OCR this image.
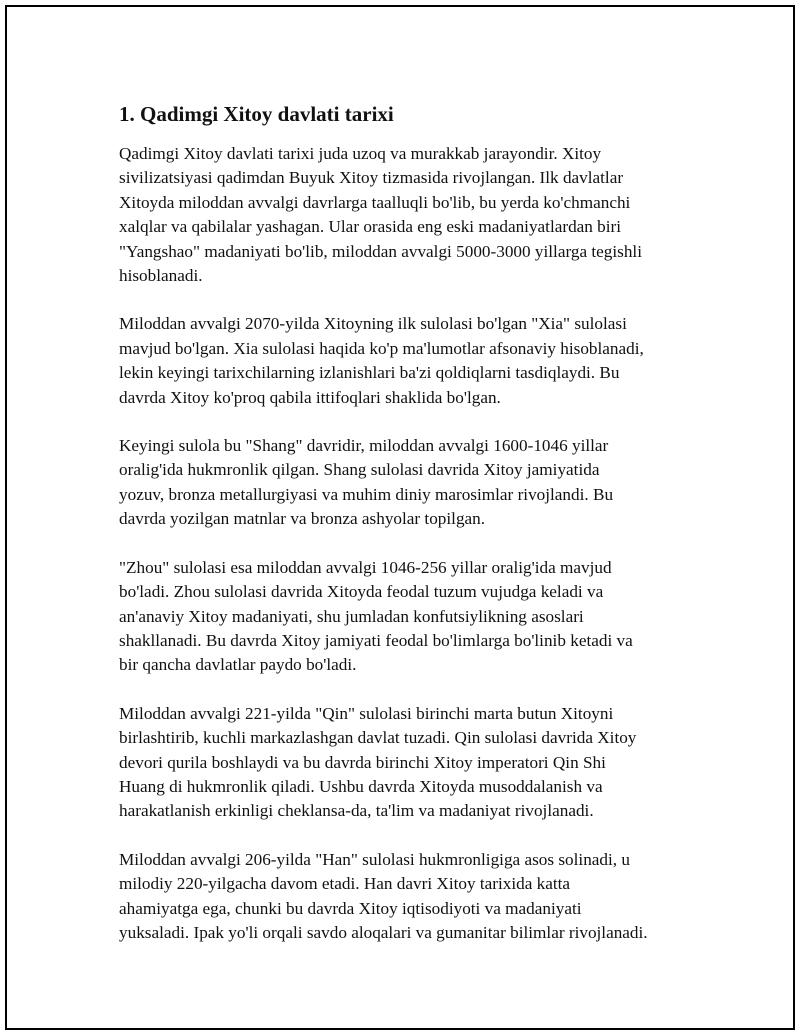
1. Qadimgi Xitoy davlati tarixi

Qadimgi Xitoy davlati tarixi juda uzoq va murakkab jarayondir. Xitoy
sivilizatsiyasi qadimdan Buyuk Xitoy tizmasida rivojlangan. Ilk davlatlar
Xitoyda miloddan avvalgi davrlarga taalluqli bo'lib, bu yerda ko'chmanchi
xalqlar va qabilalar yashagan. Ular orasida eng eski madaniyatlardan biri
"Yangshao" madaniyati bo'lib, miloddan avvalgi 5000-3000 yillarga tegishli
hisoblanadi.

Miloddan avvalgi 2070-yilda Xitoyning ilk sulolasi bo'lgan "Xia" sulolasi
mavjud bo'lgan. Xia sulolasi haqida ko'p ma'lumotlar afsonaviy hisoblanadi,
lekin keyingi tarixchilarning izlanishlari ba'zi qoldiqlarni tasdiqlaydi. Bu
davrda Xitoy ko'proq qabila ittifoqlari shaklida bo'lgan.

Keyingi sulola bu "Shang" davridir, miloddan avvalgi 1600-1046 yillar
oralig'ida hukmronlik qilgan. Shang sulolasi davrida Xitoy jamiyatida
yozuv, bronza metallurgiyasi va muhim diniy marosimlar rivojlandi. Bu
davrda yozilgan matnlar va bronza ashyolar topilgan.

"Zhou" sulolasi esa miloddan avvalgi 1046-256 yillar oralig'ida mavjud
bo'ladi. Zhou sulolasi davrida Xitoyda feodal tuzum vujudga keladi va
an'anaviy Xitoy madaniyati, shu jumladan konfutsiylikning asoslari
shakllanadi. Bu davrda Xitoy jamiyati feodal bo'limlarga bo'linib ketadi va
bir qancha davlatlar paydo bo'ladi.

Miloddan avvalgi 221-yilda "Qin" sulolasi birinchi marta butun Xitoyni
birlashtirib, kuchli markazlashgan davlat tuzadi. Qin sulolasi davrida Xitoy
devori qurila boshlaydi va bu davrda birinchi Xitoy imperatori Qin Shi
Huang di hukmronlik qiladi. Ushbu davrda Xitoyda musoddalanish va
harakatlanish erkinligi cheklansa-da, ta'lim va madaniyat rivojlanadi.

Miloddan avvalgi 206-yilda "Han" sulolasi hukmronligiga asos solinadi, u
milodiy 220-yilgacha davom etadi. Han davri Xitoy tarixida katta
ahamiyatga ega, chunki bu davrda Xitoy iqtisodiyoti va madaniyati
yuksaladi. Ipak yo'li orqali savdo aloqalari va gumanitar bilimlar rivojlanadi.
